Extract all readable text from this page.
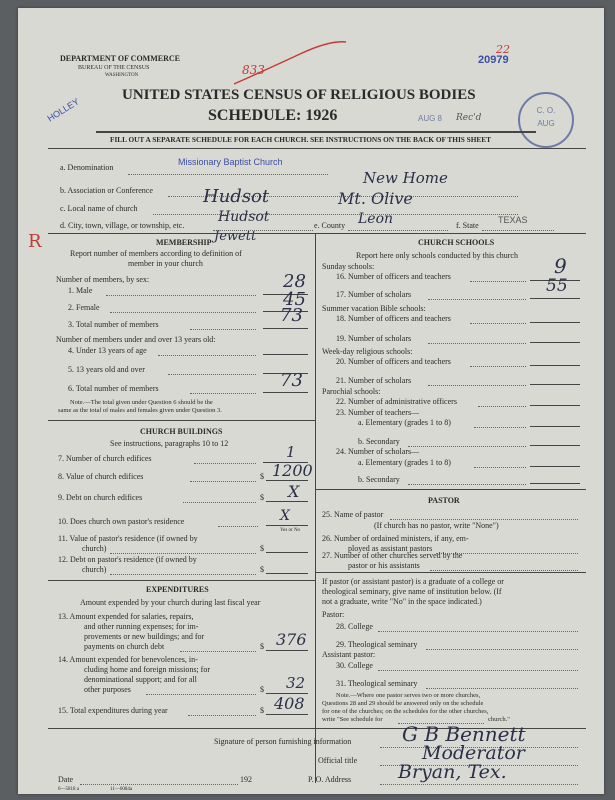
DEPARTMENT OF COMMERCE
BUREAU OF THE CENSUS
WASHINGTON
UNITED STATES CENSUS OF RELIGIOUS BODIES
SCHEDULE: 1926
20979
22
833
HOLLEY
R
AUG 8 Rec'd
C. O.
AUG
FILL OUT A SEPARATE SCHEDULE FOR EACH CHURCH. SEE INSTRUCTIONS ON THE BACK OF THIS SHEET
a. Denomination
Missionary Baptist Church
b. Association or Conference
New Home
c. Local name of church
Hudsot	Mt. Olive
d. City, town, village, or township, etc.
Hudsot
e. County Leon	f. State
TEXAS
Jewett
MEMBERSHIP
Report number of members according to definition of
member in your church
Number of members, by sex:
1. Male	28
2. Female	45
3. Total number of members	73
Number of members under and over 13 years old:
4. Under 13 years of age
5. 13 years old and over
6. Total number of members	73
Note.—The total given under Question 6 should be the
same as the total of males and females given under Question 3.
CHURCH BUILDINGS
See instructions, paragraphs 10 to 12
7. Number of church edifices	1
8. Value of church edifices	$ 1200
9. Debt on church edifices	$ X
10. Does church own pastor's residence	X
Yes or No
11. Value of pastor's residence (if owned by
church)	$
12. Debt on pastor's residence (if owned by
church)	$
EXPENDITURES
Amount expended by your church during last fiscal year
13. Amount expended for salaries, repairs,
and other running expenses; for im-
provements or new buildings; and for
payments on church debt	$ 376
14. Amount expended for benevolences, in-
cluding home and foreign missions; for
denominational support; and for all
other purposes	$ 32
15. Total expenditures during year	$ 408
CHURCH SCHOOLS
Report here only schools conducted by this church
Sunday schools:
16. Number of officers and teachers	9
17. Number of scholars	55
Summer vacation Bible schools:
18. Number of officers and teachers
19. Number of scholars
Week-day religious schools:
20. Number of officers and teachers
21. Number of scholars
Parochial schools:
22. Number of administrative officers
23. Number of teachers—
a. Elementary (grades 1 to 8)
b. Secondary
24. Number of scholars—
a. Elementary (grades 1 to 8)
b. Secondary
PASTOR
25. Name of pastor
(If church has no pastor, write "None")
26. Number of ordained ministers, if any, em-
ployed as assistant pastors
27. Number of other churches served by the
pastor or his assistants
If pastor (or assistant pastor) is a graduate of a college or
theological seminary, give name of institution below. (If
not a graduate, write "No" in the space indicated.)
Pastor:
28. College
29. Theological seminary
Assistant pastor:
30. College
31. Theological seminary
Note.—Where one pastor serves two or more churches,
Questions 28 and 29 should be answered only on the schedule
for one of the churches; on the schedules for the other churches,
write "See schedule for	church."
Signature of person furnishing information	G B Bennett
Official title	Moderator
Date	192	P. O. Address Bryan, Tex.
6—5818 a	11—6084a
